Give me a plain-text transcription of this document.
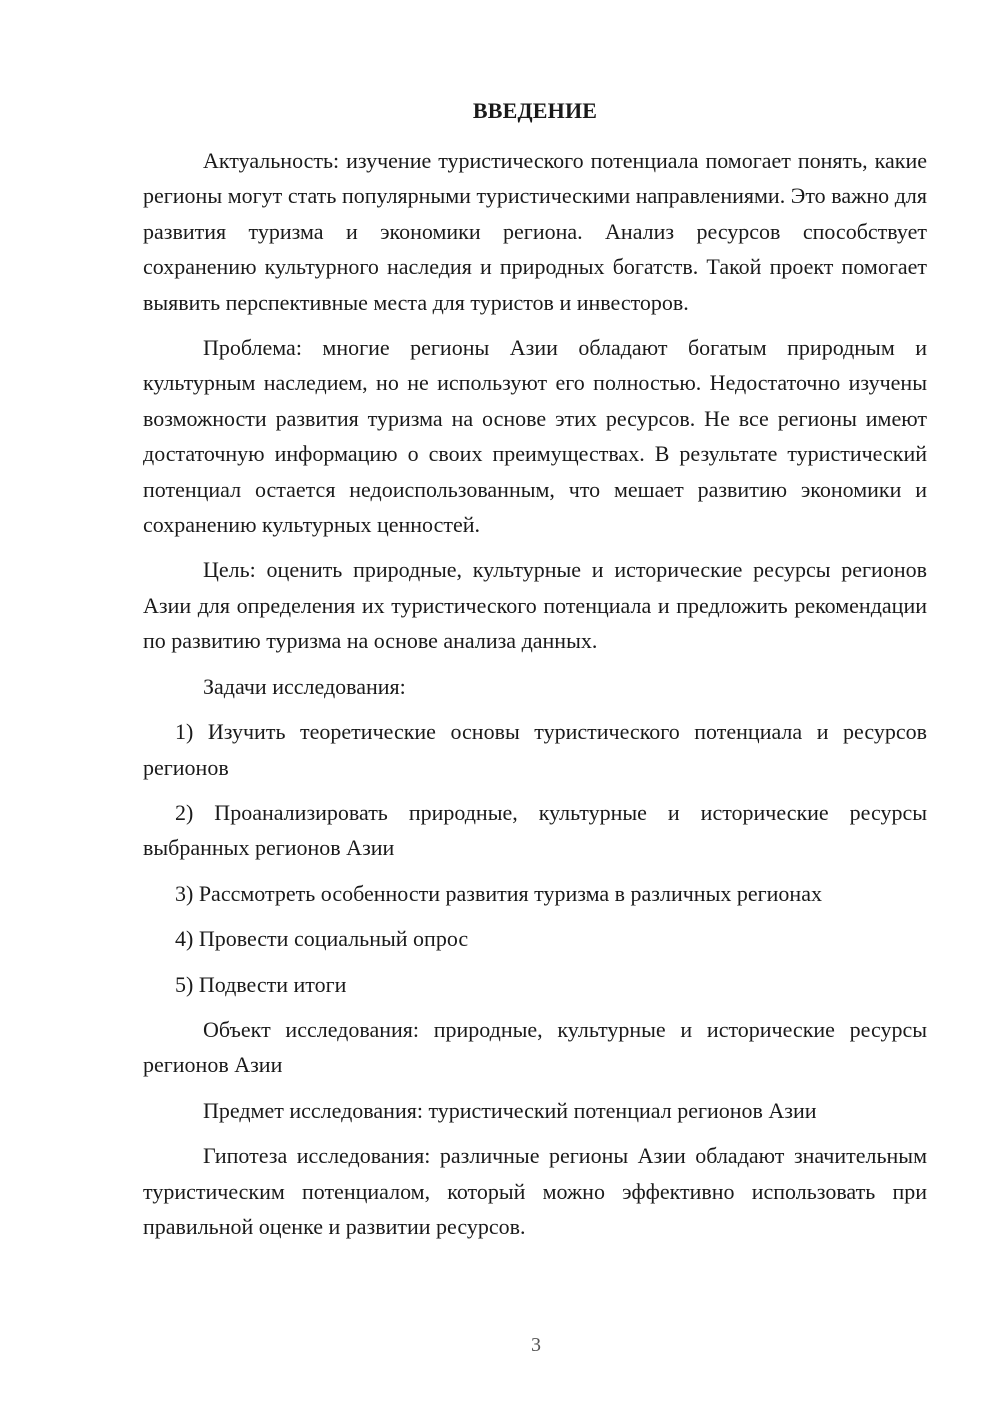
ВВЕДЕНИЕ

Актуальность: изучение туристического потенциала помогает понять, какие регионы могут стать популярными туристическими направлениями. Это важно для развития туризма и экономики региона. Анализ ресурсов способствует сохранению культурного наследия и природных богатств. Такой проект помогает выявить перспективные места для туристов и инвесторов.

Проблема: многие регионы Азии обладают богатым природным и культурным наследием, но не используют его полностью. Недостаточно изучены возможности развития туризма на основе этих ресурсов. Не все регионы имеют достаточную информацию о своих преимуществах. В результате туристический потенциал остается недоиспользованным, что мешает развитию экономики и сохранению культурных ценностей.

Цель: оценить природные, культурные и исторические ресурсы регионов Азии для определения их туристического потенциала и предложить рекомендации по развитию туризма на основе анализа данных.

Задачи исследования:

1) Изучить теоретические основы туристического потенциала и ресурсов регионов

2) Проанализировать природные, культурные и исторические ресурсы выбранных регионов Азии

3) Рассмотреть особенности развития туризма в различных регионах

4) Провести социальный опрос

5) Подвести итоги

Объект исследования: природные, культурные и исторические ресурсы регионов Азии

Предмет исследования: туристический потенциал регионов Азии

Гипотеза исследования: различные регионы Азии обладают значительным туристическим потенциалом, который можно эффективно использовать при правильной оценке и развитии ресурсов.

3
